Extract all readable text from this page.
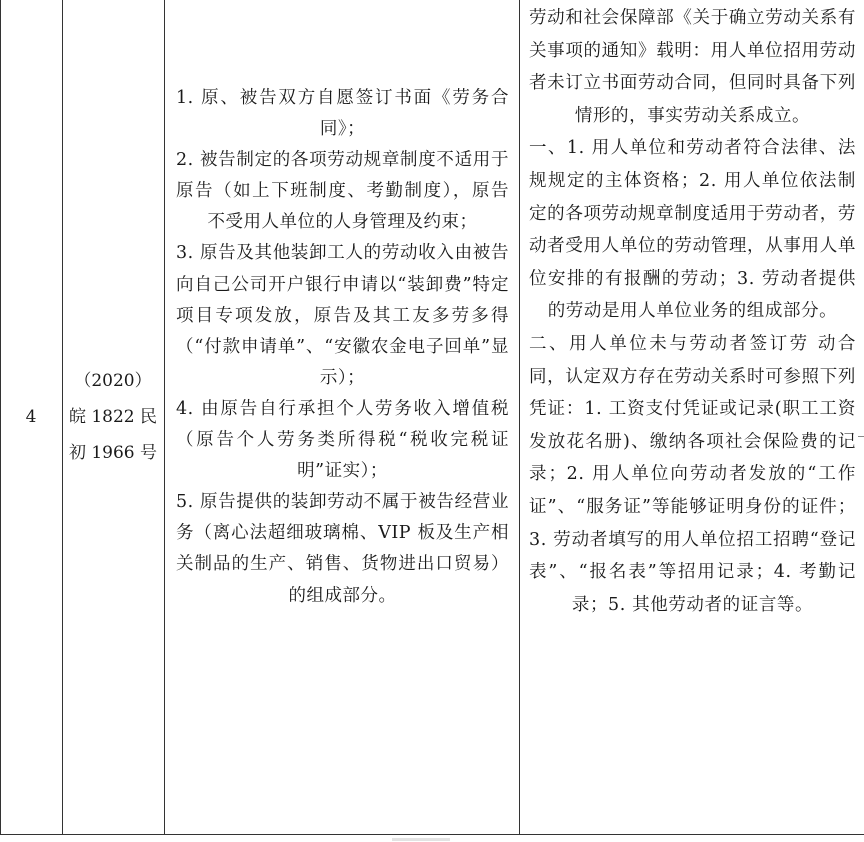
4
（2020）皖 1822 民初 1966 号

1. 原、被告双方自愿签订书面《劳务合同》；

2. 被告制定的各项劳动规章制度不适用于原告（如上下班制度、考勤制度），原告不受用人单位的人身管理及约束；

3. 原告及其他装卸工人的劳动收入由被告向自己公司开户银行申请以“装卸费”特定项目专项发放，原告及其工友多劳多得（“付款申请单”、“安徽农金电子回单”显示）；

4. 由原告自行承担个人劳务收入增值税（原告个人劳务类所得税“税收完税证明”证实）；

5. 原告提供的装卸劳动不属于被告经营业务（离心法超细玻璃棉、VIP 板及生产相关制品的生产、销售、货物进出口贸易）的组成部分。

劳动和社会保障部《关于确立劳动关系有关事项的通知》载明：用人单位招用劳动者未订立书面劳动合同，但同时具备下列情形的，事实劳动关系成立。

一、1. 用人单位和劳动者符合法律、法规规定的主体资格；2. 用人单位依法制定的各项劳动规章制度适用于劳动者，劳动者受用人单位的劳动管理，从事用人单位安排的有报酬的劳动；3. 劳动者提供的劳动是用人单位业务的组成部分。

二、用人单位未与劳动者签订劳 动合同，认定双方存在劳动关系时可参照下列凭证：1. 工资支付凭证或记录(职工工资发放花名册)、缴纳各项社会保险费的记录；2. 用人单位向劳动者发放的“工作证”、“服务证”等能够证明身份的证件；3. 劳动者填写的用人单位招工招聘“登记表”、“报名表”等招用记录；4. 考勤记录；5. 其他劳动者的证言等。
